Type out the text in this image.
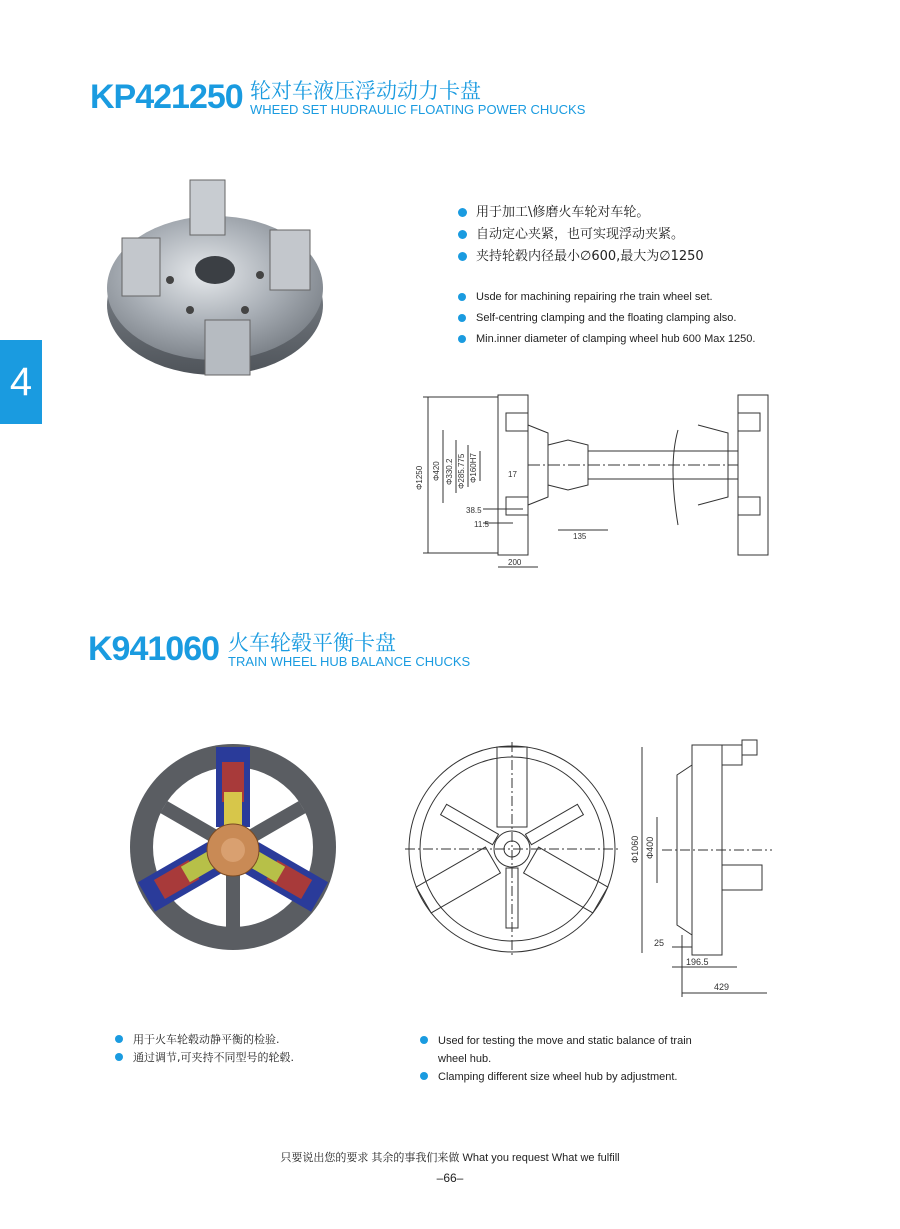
4
KP421250 轮对车液压浮动动力卡盘
WHEED SET HUDRAULIC FLOATING POWER CHUCKS
用于加工\修磨火车轮对车轮。
自动定心夹紧，也可实现浮动夹紧。
夹持轮毂内径最小∅600,最大为∅1250
Usde for machining repairing rhe train wheel set.
Self-centring clamping and the floating clamping also.
Min.inner diameter of clamping wheel hub 600 Max 1250.
Φ1250 Φ420 Φ330.2 Φ285.775 Φ160H7	17
38.5
11.5
135
200
K941060 火车轮毂平衡卡盘
TRAIN WHEEL HUB BALANCE CHUCKS
Φ1060 Φ400
25
196.5
429
用于火车轮毂动静平衡的检验.
通过调节,可夹持不同型号的轮毂.
Used for testing the move and static balance of train wheel hub.
Clamping different size wheel hub by adjustment.
只要说出您的要求 其余的事我们来做 What you request What we fulfill
–66–
